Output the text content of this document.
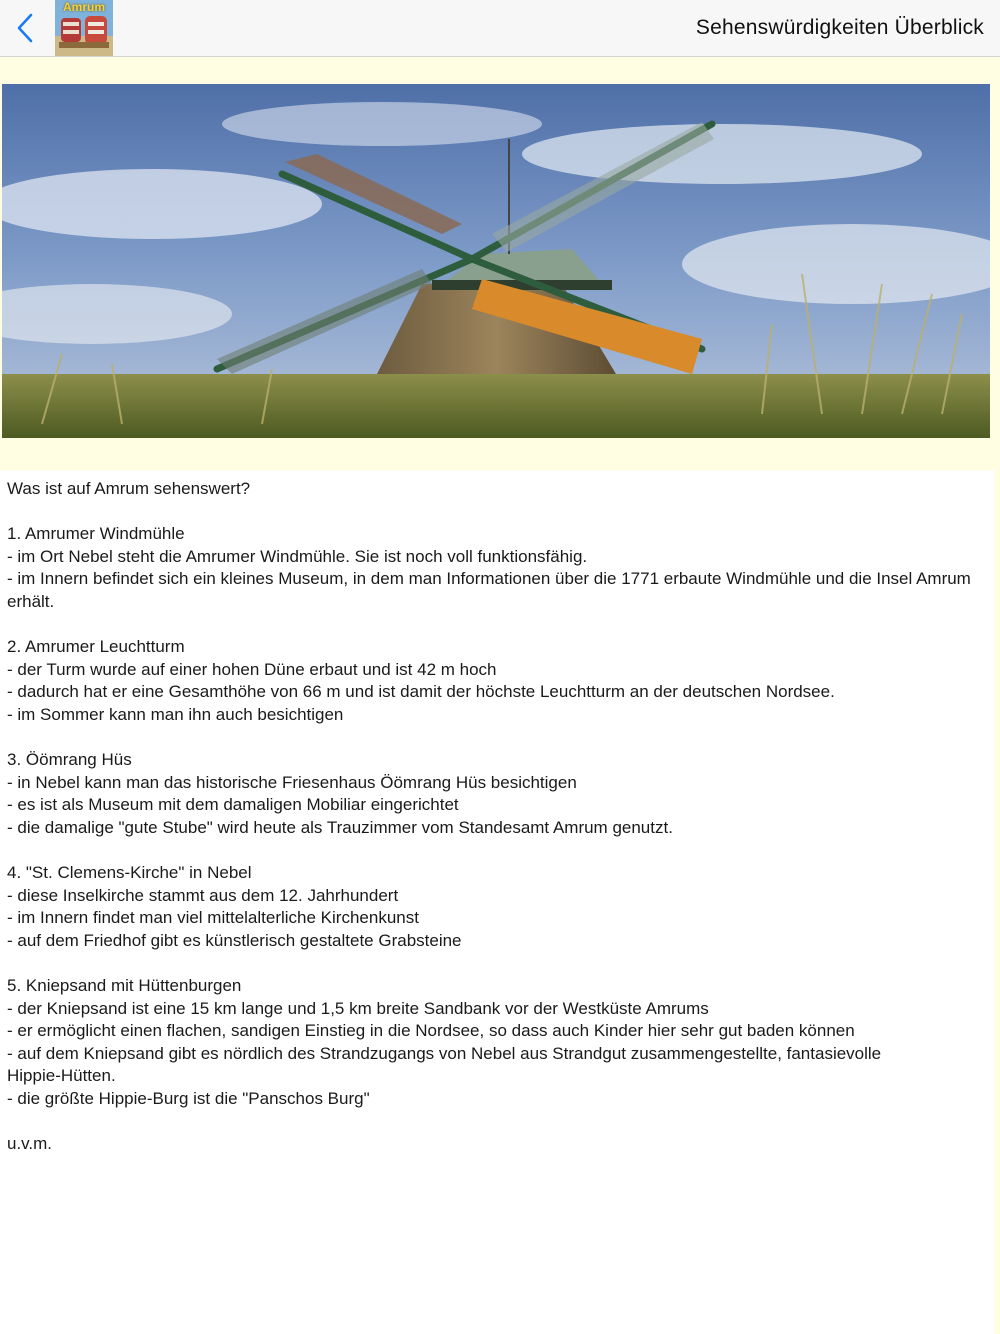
Amrum
Sehenswürdigkeiten Überblick

Was ist auf Amrum sehenswert?

1. Amrumer Windmühle

- im Ort Nebel steht die Amrumer Windmühle. Sie ist noch voll funktionsfähig.

- im Innern befindet sich ein kleines Museum, in dem man Informationen über die 1771 erbaute Windmühle und die Insel Amrum erhält.

2. Amrumer Leuchtturm

- der Turm wurde auf einer hohen Düne erbaut und ist 42 m hoch

- dadurch hat er eine Gesamthöhe von 66 m und ist damit der höchste Leuchtturm an der deutschen Nordsee.

- im Sommer kann man ihn auch besichtigen

3. Öömrang Hüs

- in Nebel kann man das historische Friesenhaus Öömrang Hüs besichtigen

- es ist als Museum mit dem damaligen Mobiliar eingerichtet

- die damalige "gute Stube" wird heute als Trauzimmer vom Standesamt Amrum genutzt.

4. "St. Clemens-Kirche" in Nebel

- diese Inselkirche stammt aus dem 12. Jahrhundert

- im Innern findet man viel mittelalterliche Kirchenkunst

- auf dem Friedhof gibt es künstlerisch gestaltete Grabsteine

5. Kniepsand mit Hüttenburgen

- der Kniepsand ist eine 15 km lange und 1,5 km breite Sandbank vor der Westküste Amrums

- er ermöglicht einen flachen, sandigen Einstieg in die Nordsee, so dass auch Kinder hier sehr gut baden können

- auf dem Kniepsand gibt es nördlich des Strandzugangs von Nebel aus Strandgut zusammengestellte, fantasievolle Hippie-Hütten.

- die größte Hippie-Burg ist die "Panschos Burg"

u.v.m.
